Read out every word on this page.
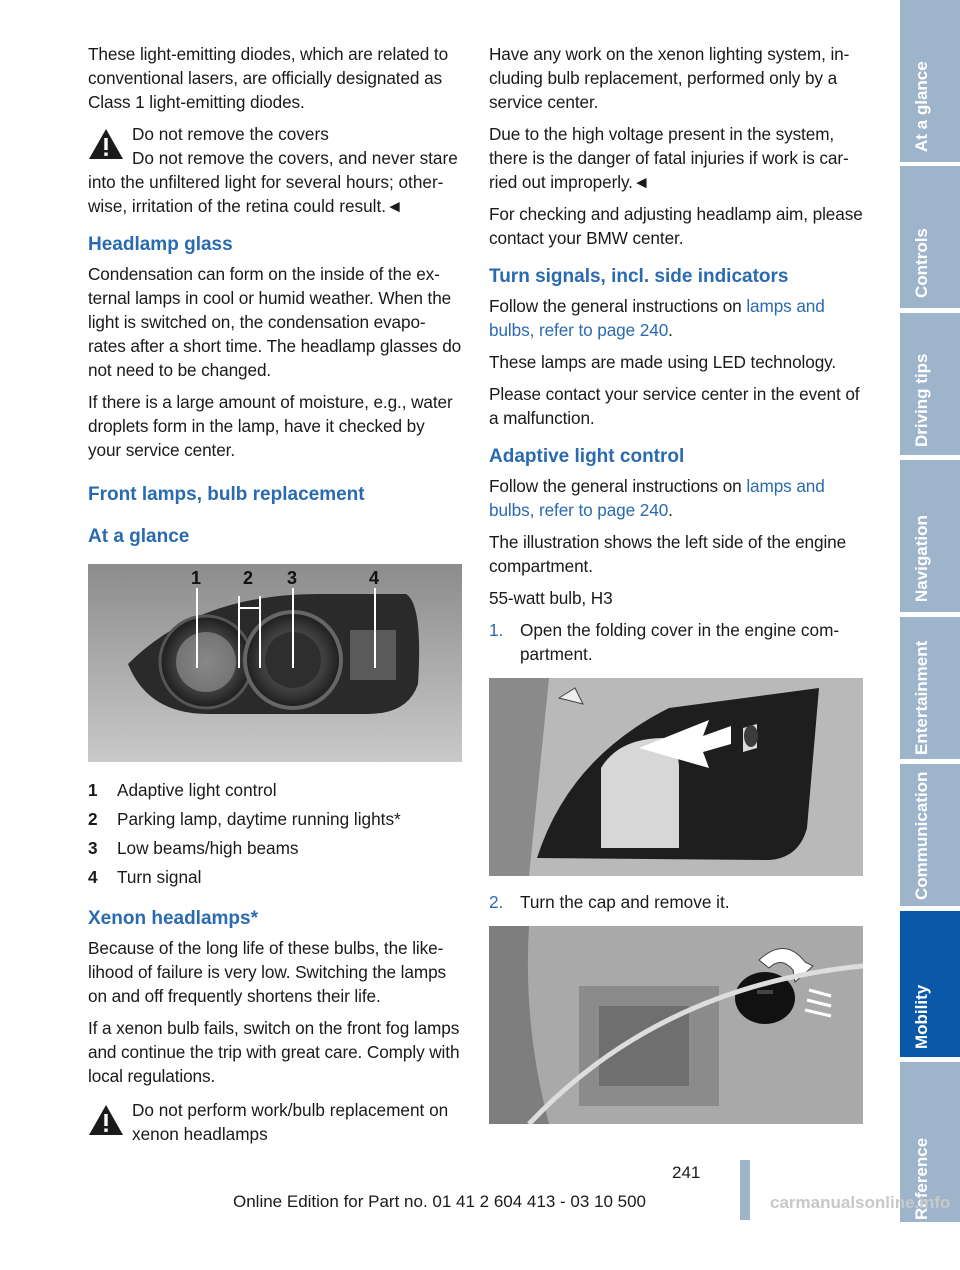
These light-emitting diodes, which are related to conventional lasers, are officially designated as Class 1 light-emitting diodes.

Do not remove the covers
Do not remove the covers, and never stare
into the unfiltered light for several hours; other-wise, irritation of the retina could result.◄
Headlamp glass

Condensation can form on the inside of the ex-ternal lamps in cool or humid weather. When the light is switched on, the condensation evapo-rates after a short time. The headlamp glasses do not need to be changed.

If there is a large amount of moisture, e.g., water droplets form in the lamp, have it checked by your service center.

Front lamps, bulb replacement
At a glance
1 2 3	4
1	Adaptive light control
2	Parking lamp, daytime running lights*
3	Low beams/high beams
4	Turn signal
Xenon headlamps*

Because of the long life of these bulbs, the like-lihood of failure is very low. Switching the lamps on and off frequently shortens their life.

If a xenon bulb fails, switch on the front fog lamps and continue the trip with great care. Comply with local regulations.

Do not perform work/bulb replacement on xenon headlamps

Have any work on the xenon lighting system, in-cluding bulb replacement, performed only by a service center.

Due to the high voltage present in the system, there is the danger of fatal injuries if work is car-ried out improperly.◄

For checking and adjusting headlamp aim, please contact your BMW center.

Turn signals, incl. side indicators

Follow the general instructions on lamps and bulbs, refer to page 240.

These lamps are made using LED technology.

Please contact your service center in the event of a malfunction.

Adaptive light control

Follow the general instructions on lamps and bulbs, refer to page 240.

The illustration shows the left side of the engine compartment.

55-watt bulb, H3

1. Open the folding cover in the engine com-partment.
2. Turn the cap and remove it.
At a glance
Controls
Driving tips
Navigation
Entertainment
Communication
Mobility
Reference
241
Online Edition for Part no. 01 41 2 604 413 - 03 10 500	carmanualsonline.info
